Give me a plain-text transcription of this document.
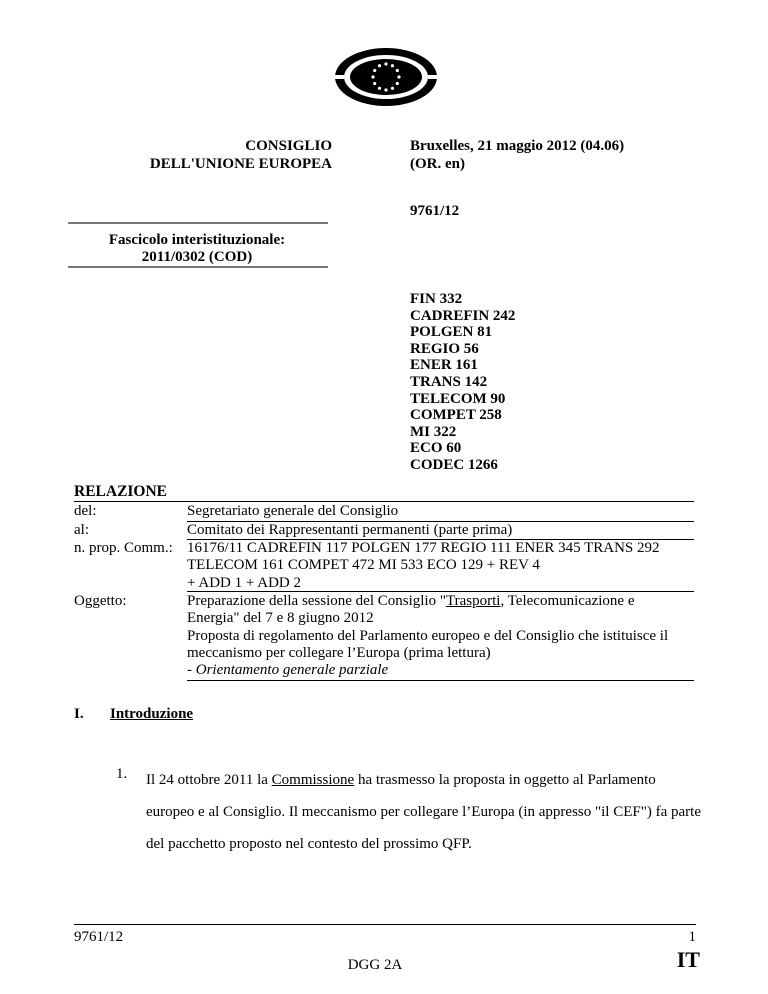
CONSIGLIO
DELL'UNIONE EUROPEA
Bruxelles, 21 maggio 2012 (04.06)
(OR. en)
9761/12
Fascicolo interistituzionale:
2011/0302 (COD)
FIN 332
CADREFIN 242
POLGEN 81
REGIO 56
ENER 161
TRANS 142
TELECOM 90
COMPET 258
MI 322
ECO 60
CODEC 1266
RELAZIONE
del:	Segretariato generale del Consiglio
al:	Comitato dei Rappresentanti permanenti (parte prima)
n. prop. Comm.: 16176/11 CADREFIN 117 POLGEN 177 REGIO 111 ENER 345 TRANS 292
TELECOM 161 COMPET 472 MI 533 ECO 129 + REV 4
+ ADD 1 + ADD 2
Oggetto:	Preparazione della sessione del Consiglio "Trasporti, Telecomunicazione e
Energia" del 7 e 8 giugno 2012
Proposta di regolamento del Parlamento europeo e del Consiglio che istituisce il
meccanismo per collegare l’Europa (prima lettura)
- Orientamento generale parziale
I. Introduzione
1. Il 24 ottobre 2011 la Commissione ha trasmesso la proposta in oggetto al Parlamento europeo e al Consiglio. Il meccanismo per collegare l’Europa (in appresso "il CEF") fa parte del pacchetto proposto nel contesto del prossimo QFP.
9761/12
DGG 2A
1
IT
